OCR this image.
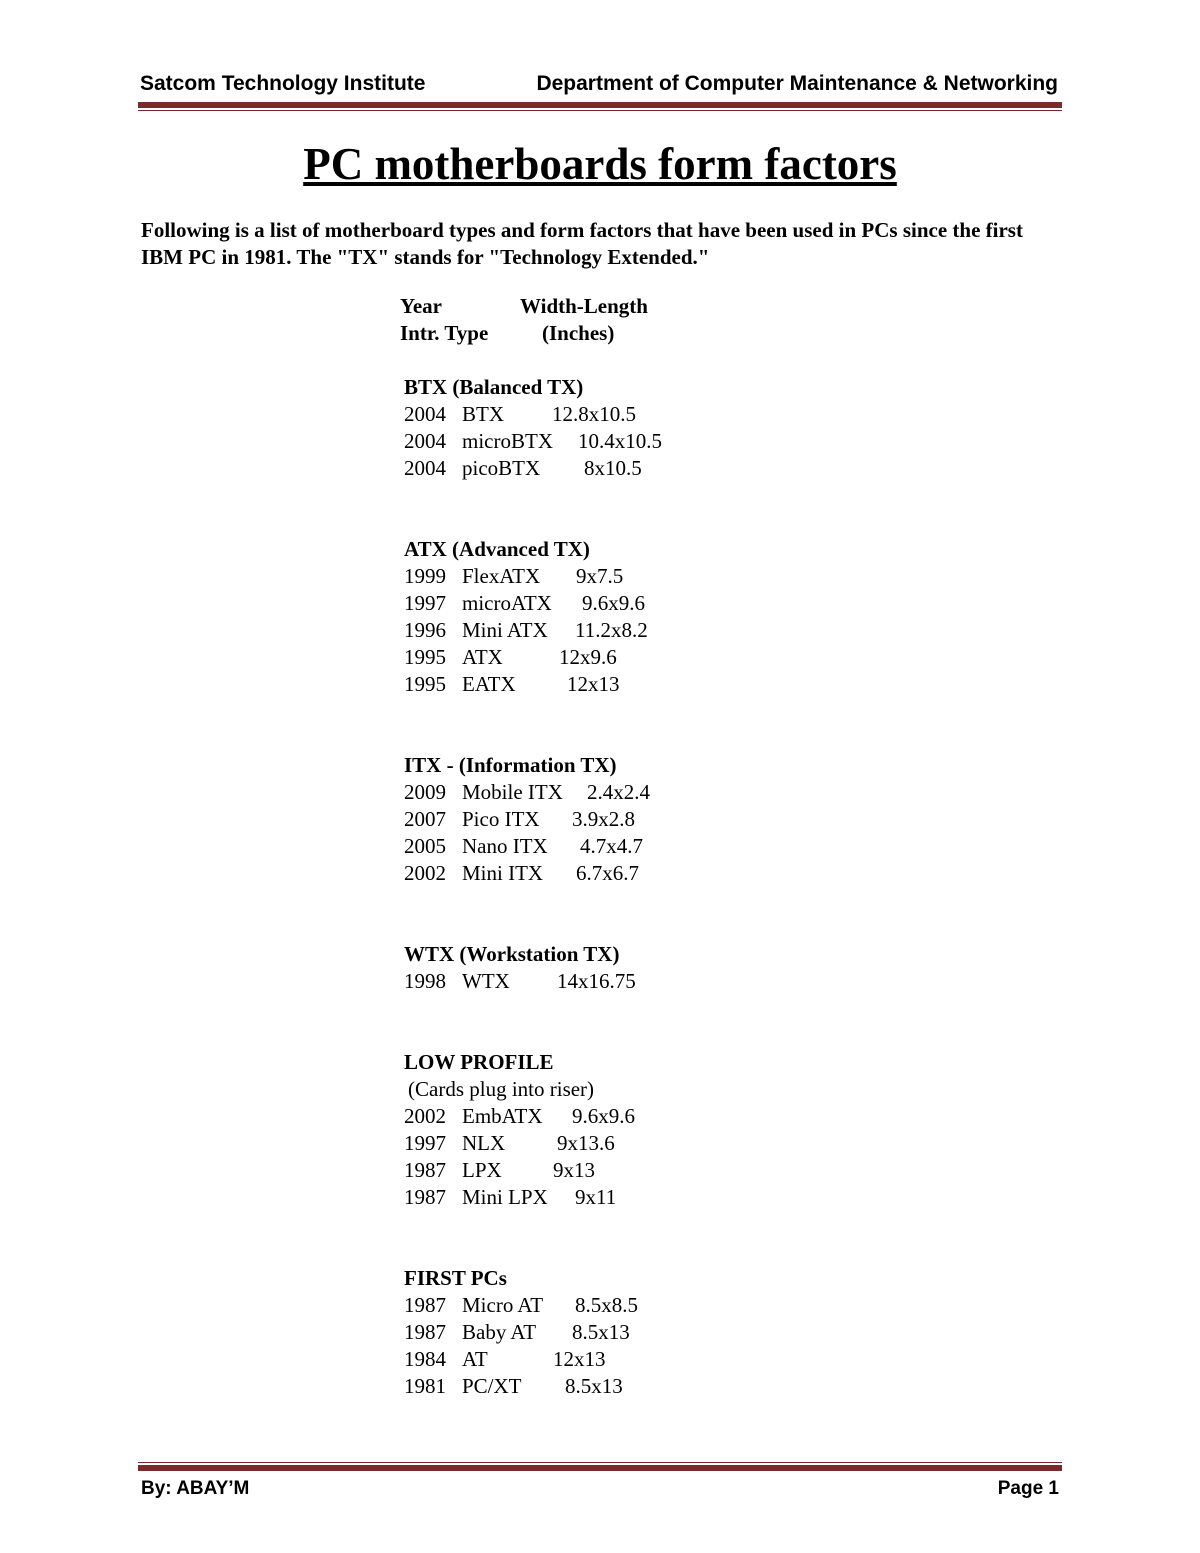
Satcom Technology Institute	Department of Computer Maintenance & Networking
PC motherboards form factors
Following is a list of motherboard types and form factors that have been used in PCs since the first IBM PC in 1981. The "TX" stands for "Technology Extended."
Year	Width-Length
Intr. Type	(Inches)
BTX (Balanced TX)
2004 BTX 12.8x10.5
2004 microBTX 10.4x10.5
2004 picoBTX 8x10.5
ATX (Advanced TX)
1999 FlexATX 9x7.5
1997 microATX 9.6x9.6
1996 Mini ATX 11.2x8.2
1995 ATX	12x9.6
1995 EATX 12x13
ITX - (Information TX)
2009 Mobile ITX 2.4x2.4
2007 Pico ITX 3.9x2.8
2005 Nano ITX 4.7x4.7
2002 Mini ITX 6.7x6.7
WTX (Workstation TX)
1998 WTX 14x16.75
LOW PROFILE
(Cards plug into riser)
2002 EmbATX 9.6x9.6
1997 NLX 9x13.6
1987 LPX 9x13
1987 Mini LPX 9x11
FIRST PCs
1987 Micro AT 8.5x8.5
1987 Baby AT 8.5x13
1984 AT	12x13
1981 PC/XT 8.5x13
By: ABAY’M	Page 1
